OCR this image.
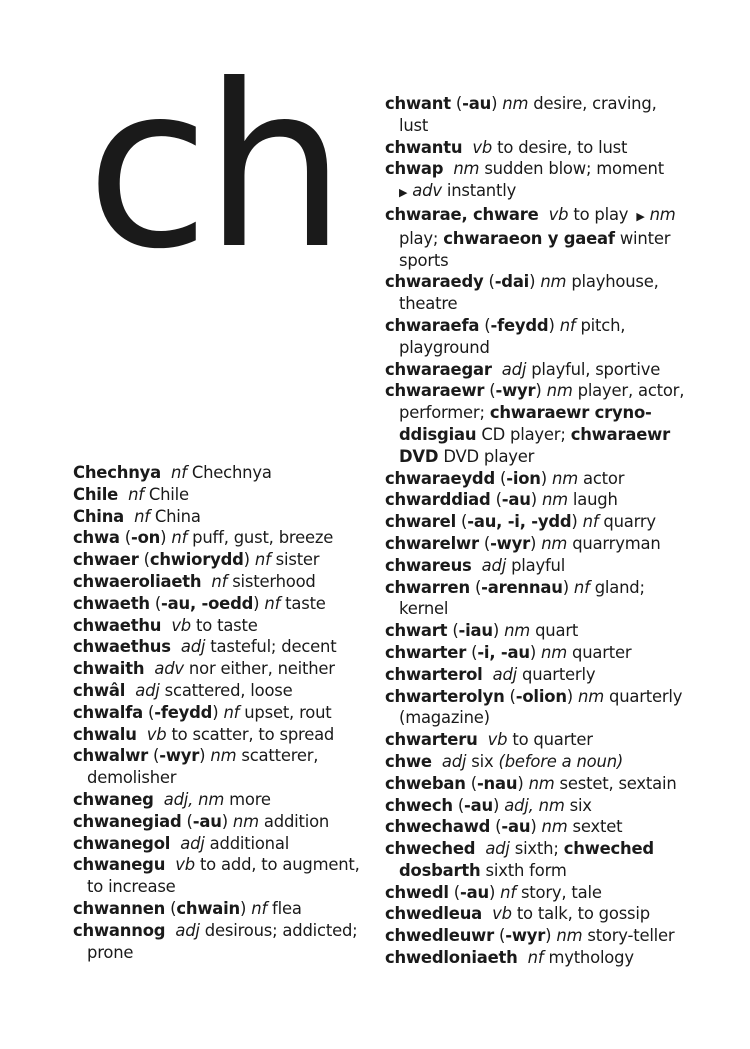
ch

Chechnya nf Chechnya

Chile nf Chile

China nf China

chwa (-on) nf puff, gust, breeze

chwaer (chwiorydd) nf sister

chwaeroliaeth nf sisterhood

chwaeth (-au, -oedd) nf taste

chwaethu vb to taste

chwaethus adj tasteful; decent

chwaith adv nor either, neither

chwâl adj scattered, loose

chwalfa (-feydd) nf upset, rout

chwalu vb to scatter, to spread

chwalwr (-wyr) nm scatterer, demolisher

chwaneg adj, nm more

chwanegiad (-au) nm addition

chwanegol adj additional

chwanegu vb to add, to augment, to increase

chwannen (chwain) nf flea

chwannog adj desirous; addicted; prone

chwant (-au) nm desire, craving, lust

chwantu vb to desire, to lust

chwap nm sudden blow; moment
▶ adv instantly

chwarae, chware vb to play ▶ nm play; chwaraeon y gaeaf winter sports

chwaraedy (-dai) nm playhouse, theatre

chwaraefa (-feydd) nf pitch, playground

chwaraegar adj playful, sportive

chwaraewr (-wyr) nm player, actor, performer; chwaraewr cryno-ddisgiau CD player; chwaraewr DVD DVD player

chwaraeydd (-ion) nm actor

chwarddiad (-au) nm laugh

chwarel (-au, -i, -ydd) nf quarry

chwarelwr (-wyr) nm quarryman

chwareus adj playful

chwarren (-arennau) nf gland; kernel

chwart (-iau) nm quart

chwarter (-i, -au) nm quarter

chwarterol adj quarterly

chwarterolyn (-olion) nm quarterly (magazine)

chwarteru vb to quarter

chwe adj six (before a noun)

chweban (-nau) nm sestet, sextain

chwech (-au) adj, nm six

chwechawd (-au) nm sextet

chweched adj sixth; chweched dosbarth sixth form

chwedl (-au) nf story, tale

chwedleua vb to talk, to gossip

chwedleuwr (-wyr) nm story-teller

chwedloniaeth nf mythology
